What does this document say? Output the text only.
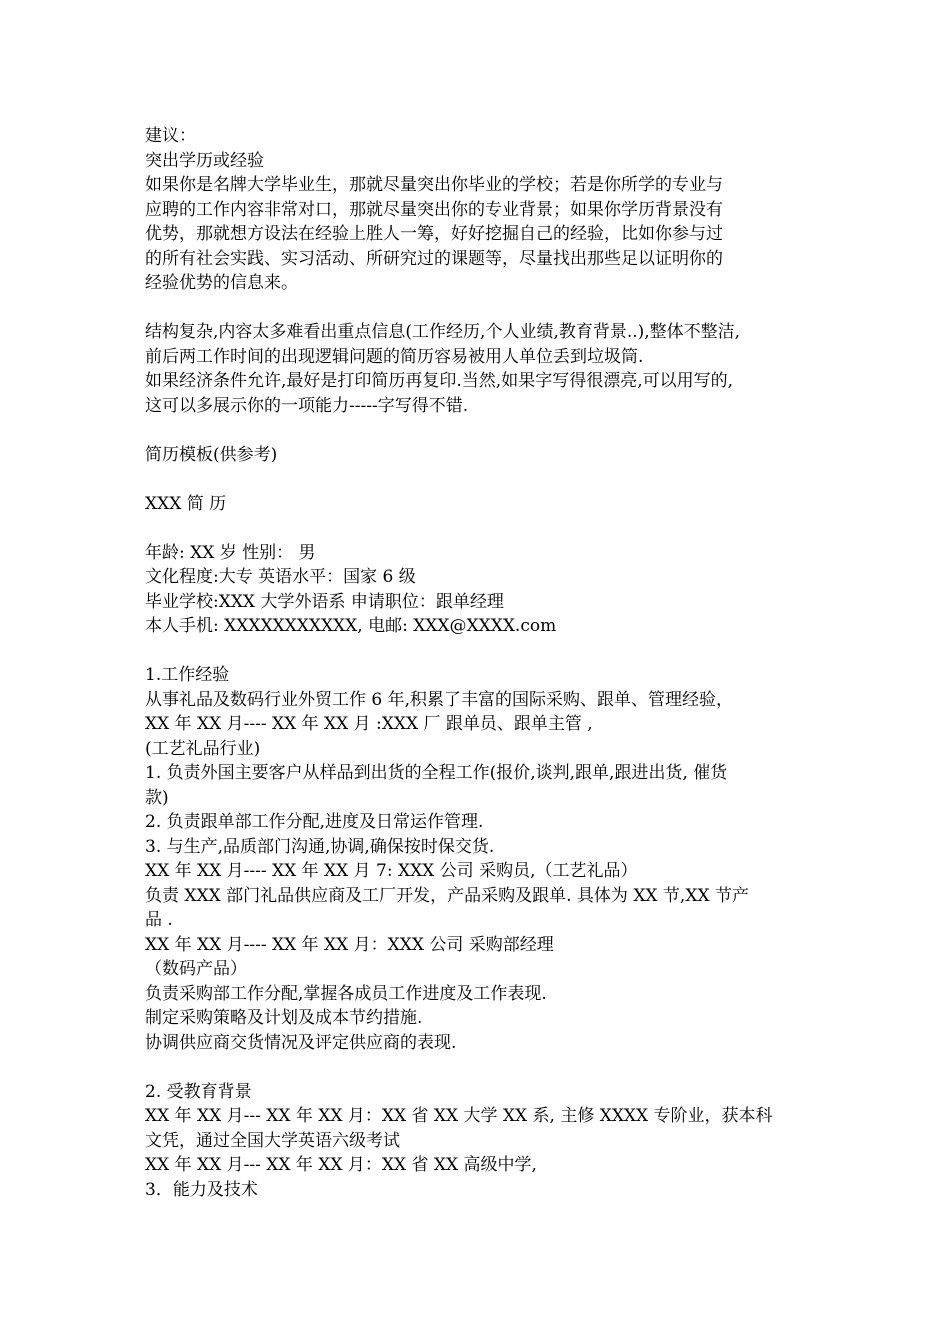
建议：

突出学历或经验

如果你是名牌大学毕业生，那就尽量突出你毕业的学校；若是你所学的专业与

应聘的工作内容非常对口，那就尽量突出你的专业背景；如果你学历背景没有

优势，那就想方设法在经验上胜人一筹，好好挖掘自己的经验，比如你参与过

的所有社会实践、实习活动、所研究过的课题等，尽量找出那些足以证明你的

经验优势的信息来。

结构复杂,内容太多难看出重点信息(工作经历,个人业绩,教育背景..),整体不整洁,

前后两工作时间的出现逻辑问题的简历容易被用人单位丢到垃圾筒.

如果经济条件允许,最好是打印简历再复印.当然,如果字写得很漂亮,可以用写的,

这可以多展示你的一项能力-----字写得不错.

简历模板(供参考)

XXX 简 历

年龄: XX 岁 性别： 男

文化程度:大专 英语水平：国家 6 级

毕业学校:XXX 大学外语系 申请职位：跟单经理

本人手机: XXXXXXXXXXX, 电邮: XXX@XXXX.com

1.工作经验

从事礼品及数码行业外贸工作 6 年,积累了丰富的国际采购、跟单、管理经验，

XX 年 XX 月---- XX 年 XX 月 :XXX 厂 跟单员、跟单主管 ,

(工艺礼品行业)

1. 负责外国主要客户从样品到出货的全程工作(报价,谈判,跟单,跟进出货, 催货

款)

2. 负责跟单部工作分配,进度及日常运作管理.

3. 与生产,品质部门沟通,协调,确保按时保交货.

XX 年 XX 月---- XX 年 XX 月 7: XXX 公司 采购员,（工艺礼品）

负责 XXX 部门礼品供应商及工厂开发，产品采购及跟单. 具体为 XX 节,XX 节产

品 .

XX 年 XX 月---- XX 年 XX 月：XXX 公司 采购部经理

（数码产品）

负责采购部工作分配,掌握各成员工作进度及工作表现.

制定采购策略及计划及成本节约措施.

协调供应商交货情况及评定供应商的表现.

2. 受教育背景

XX 年 XX 月--- XX 年 XX 月：XX 省 XX 大学 XX 系, 主修 XXXX 专阶业，获本科

文凭，通过全国大学英语六级考试

XX 年 XX 月--- XX 年 XX 月：XX 省 XX 高级中学,

3．能力及技术
